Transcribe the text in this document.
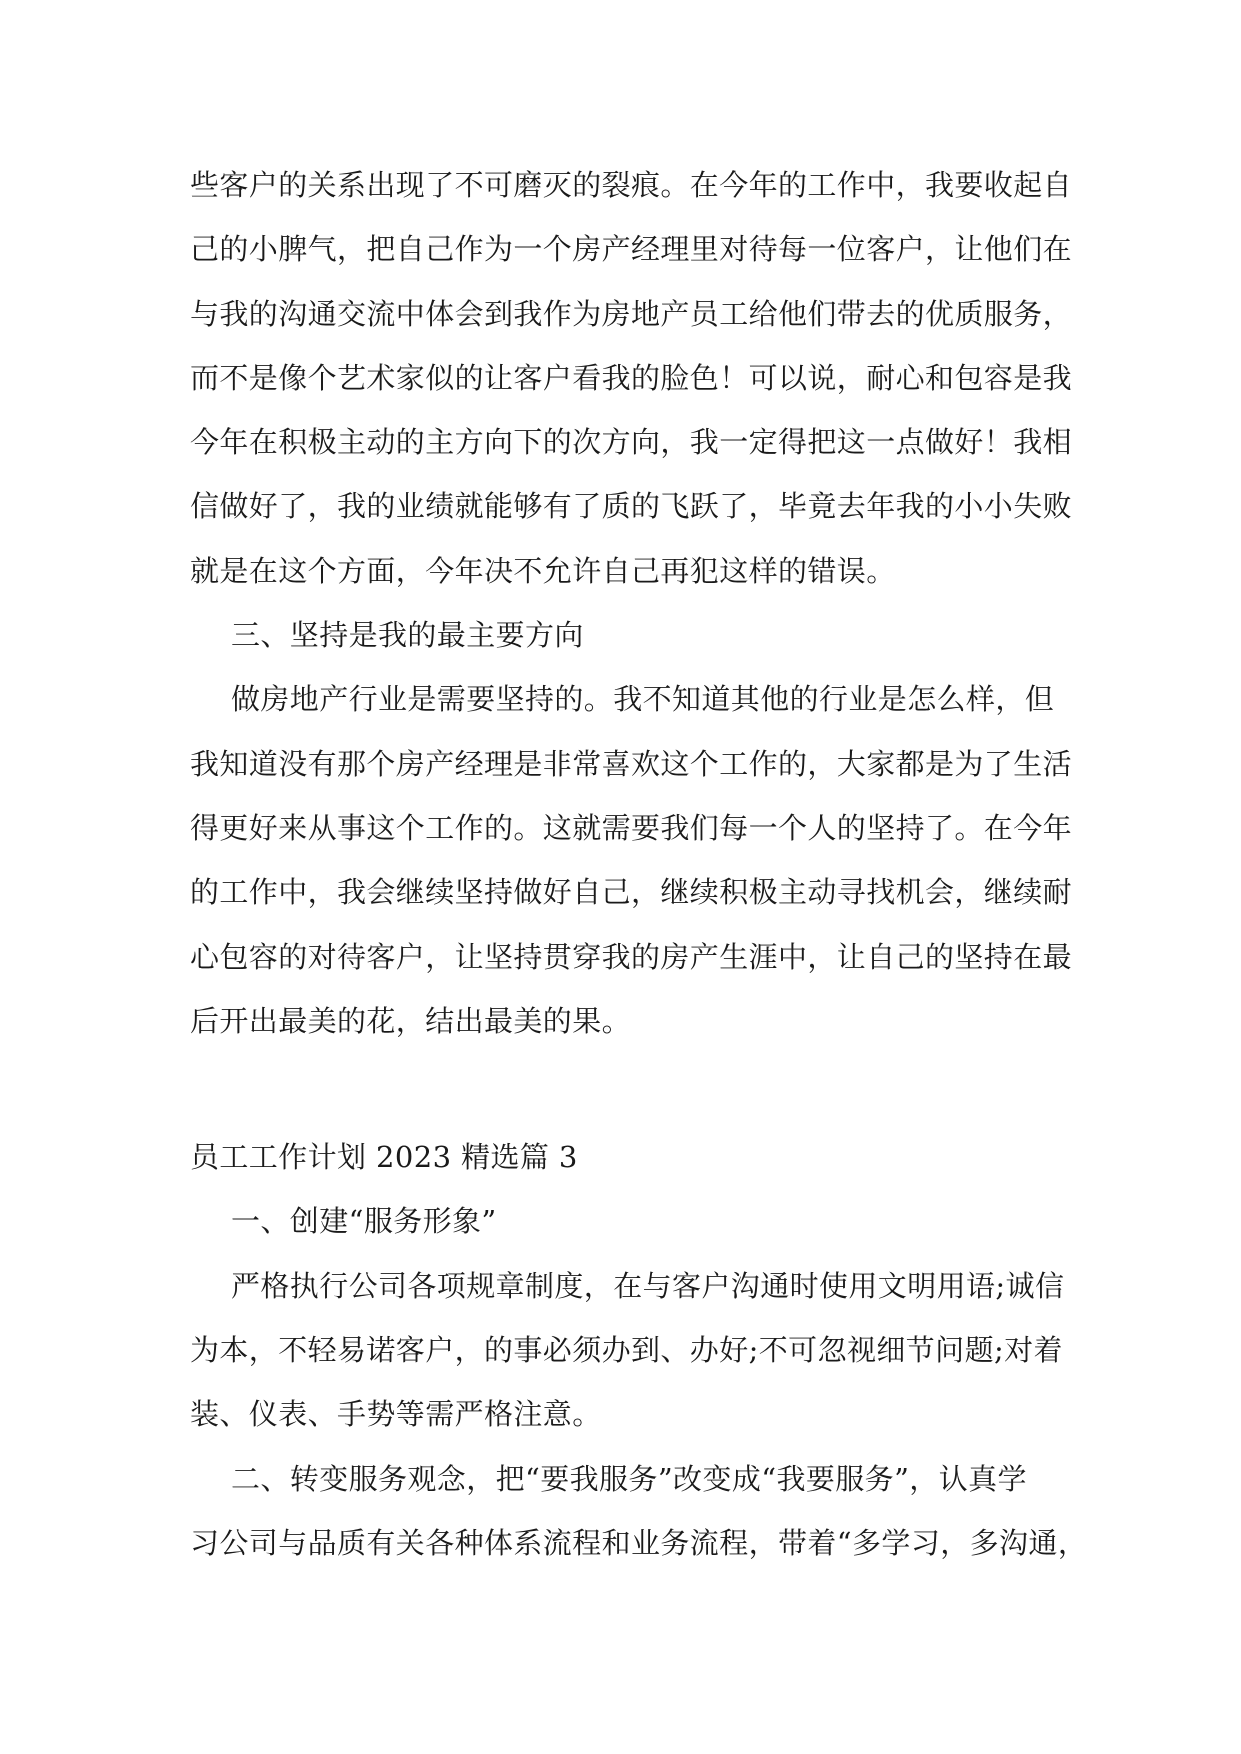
些客户的关系出现了不可磨灭的裂痕。在今年的工作中，我要收起自
己的小脾气，把自己作为一个房产经理里对待每一位客户，让他们在
与我的沟通交流中体会到我作为房地产员工给他们带去的优质服务，
而不是像个艺术家似的让客户看我的脸色！可以说，耐心和包容是我
今年在积极主动的主方向下的次方向，我一定得把这一点做好！我相
信做好了，我的业绩就能够有了质的飞跃了，毕竟去年我的小小失败
就是在这个方面，今年决不允许自己再犯这样的错误。
三、坚持是我的最主要方向
做房地产行业是需要坚持的。我不知道其他的行业是怎么样，但
我知道没有那个房产经理是非常喜欢这个工作的，大家都是为了生活
得更好来从事这个工作的。这就需要我们每一个人的坚持了。在今年
的工作中，我会继续坚持做好自己，继续积极主动寻找机会，继续耐
心包容的对待客户，让坚持贯穿我的房产生涯中，让自己的坚持在最
后开出最美的花，结出最美的果。
员工工作计划 2023 精选篇 3
一、创建“服务形象”
严格执行公司各项规章制度，在与客户沟通时使用文明用语;诚信
为本，不轻易诺客户，的事必须办到、办好;不可忽视细节问题;对着
装、仪表、手势等需严格注意。
二、转变服务观念，把“要我服务”改变成“我要服务”，认真学
习公司与品质有关各种体系流程和业务流程，带着“多学习，多沟通，
